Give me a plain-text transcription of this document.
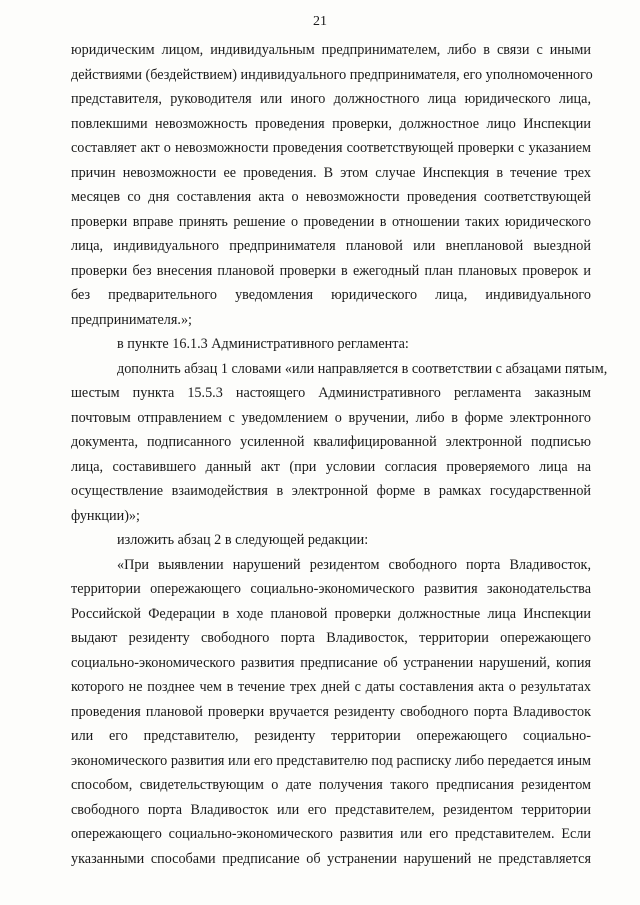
21
юридическим лицом, индивидуальным предпринимателем, либо в связи с иными
действиями (бездействием) индивидуального предпринимателя, его уполномоченного
представителя, руководителя или иного должностного лица юридического лица,
повлекшими невозможность проведения проверки, должностное лицо Инспекции
составляет акт о невозможности проведения соответствующей проверки с указанием
причин невозможности ее проведения. В этом случае Инспекция в течение трех
месяцев со дня составления акта о невозможности проведения соответствующей
проверки вправе принять решение о проведении в отношении таких юридического
лица, индивидуального предпринимателя плановой или внеплановой выездной
проверки без внесения плановой проверки в ежегодный план плановых проверок и
без предварительного уведомления юридического лица, индивидуального
предпринимателя.»;
в пункте 16.1.3 Административного регламента:
дополнить абзац 1 словами «или направляется в соответствии с абзацами пятым,
шестым пункта 15.5.3 настоящего Административного регламента заказным
почтовым отправлением с уведомлением о вручении, либо в форме электронного
документа, подписанного усиленной квалифицированной электронной подписью
лица, составившего данный акт (при условии согласия проверяемого лица на
осуществление взаимодействия в электронной форме в рамках государственной
функции)»;
изложить абзац 2 в следующей редакции:
«При выявлении нарушений резидентом свободного порта Владивосток,
территории опережающего социально-экономического развития законодательства
Российской Федерации в ходе плановой проверки должностные лица Инспекции
выдают резиденту свободного порта Владивосток, территории опережающего
социально-экономического развития предписание об устранении нарушений, копия
которого не позднее чем в течение трех дней с даты составления акта о результатах
проведения плановой проверки вручается резиденту свободного порта Владивосток
или его представителю, резиденту территории опережающего социально-
экономического развития или его представителю под расписку либо передается иным
способом, свидетельствующим о дате получения такого предписания резидентом
свободного порта Владивосток или его представителем, резидентом территории
опережающего социально-экономического развития или его представителем. Если
указанными способами предписание об устранении нарушений не представляется
